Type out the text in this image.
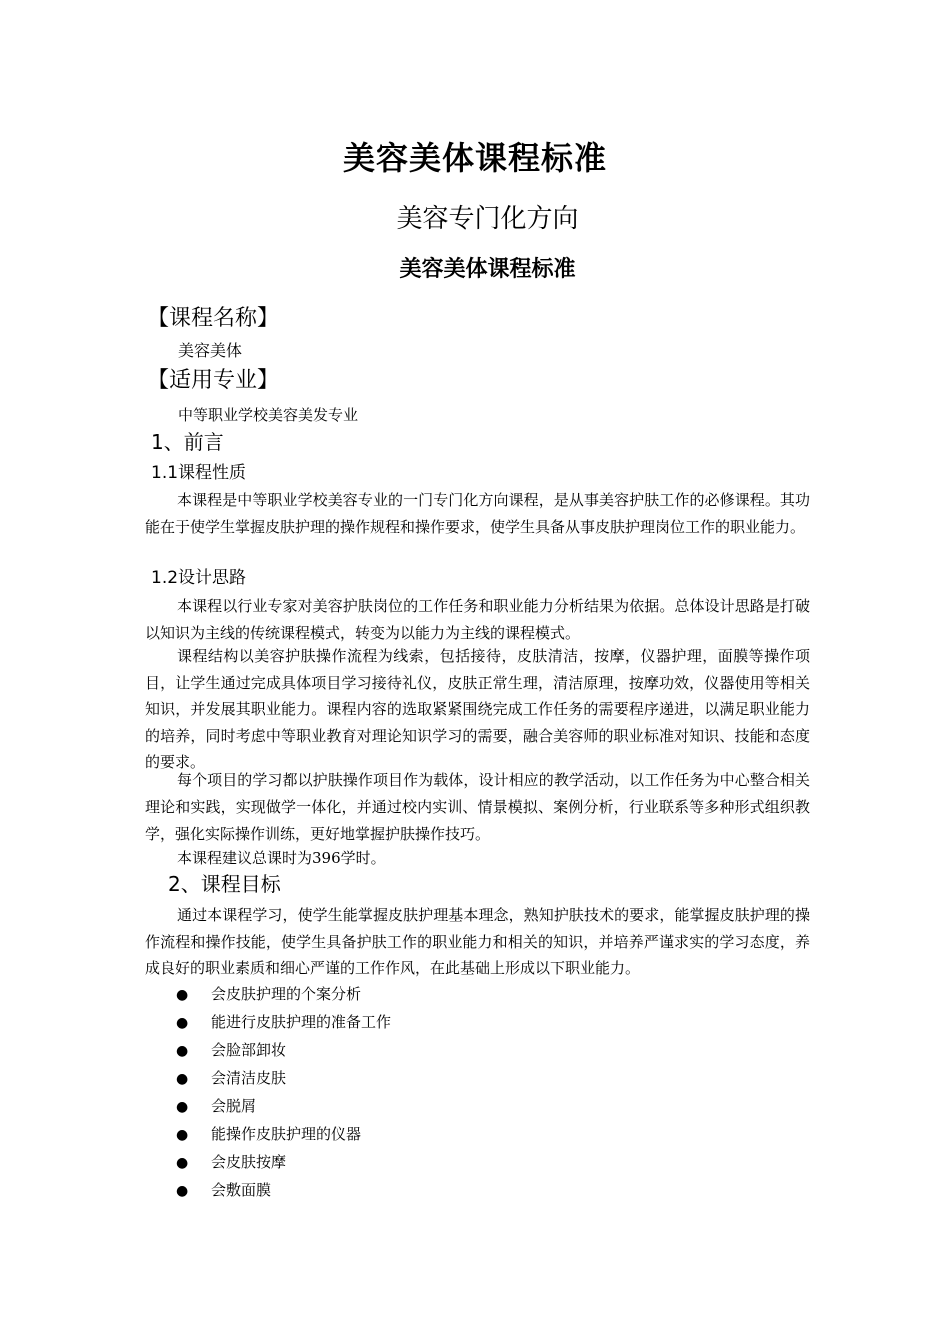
美容美体课程标准
美容专门化方向
美容美体课程标准
【课程名称】
美容美体
【适用专业】
中等职业学校美容美发专业
1、前言
1.1课程性质

本课程是中等职业学校美容专业的一门专门化方向课程，是从事美容护肤工作的必修课程。其功能在于使学生掌握皮肤护理的操作规程和操作要求，使学生具备从事皮肤护理岗位工作的职业能力。

1.2设计思路

本课程以行业专家对美容护肤岗位的工作任务和职业能力分析结果为依据。总体设计思路是打破以知识为主线的传统课程模式，转变为以能力为主线的课程模式。

课程结构以美容护肤操作流程为线索，包括接待，皮肤清洁，按摩，仪器护理，面膜等操作项目，让学生通过完成具体项目学习接待礼仪，皮肤正常生理，清洁原理，按摩功效，仪器使用等相关知识，并发展其职业能力。课程内容的选取紧紧围绕完成工作任务的需要程序递进，以满足职业能力的培养，同时考虑中等职业教育对理论知识学习的需要，融合美容师的职业标准对知识、技能和态度的要求。

每个项目的学习都以护肤操作项目作为载体，设计相应的教学活动，以工作任务为中心整合相关理论和实践，实现做学一体化，并通过校内实训、情景模拟、案例分析，行业联系等多种形式组织教学，强化实际操作训练，更好地掌握护肤操作技巧。

本课程建议总课时为396学时。

2、课程目标

通过本课程学习，使学生能掌握皮肤护理基本理念，熟知护肤技术的要求，能掌握皮肤护理的操作流程和操作技能，使学生具备护肤工作的职业能力和相关的知识，并培养严谨求实的学习态度，养成良好的职业素质和细心严谨的工作作风，在此基础上形成以下职业能力。

● 会皮肤护理的个案分析
● 能进行皮肤护理的准备工作
● 会脸部卸妆
● 会清洁皮肤
● 会脱屑
● 能操作皮肤护理的仪器
● 会皮肤按摩
● 会敷面膜
